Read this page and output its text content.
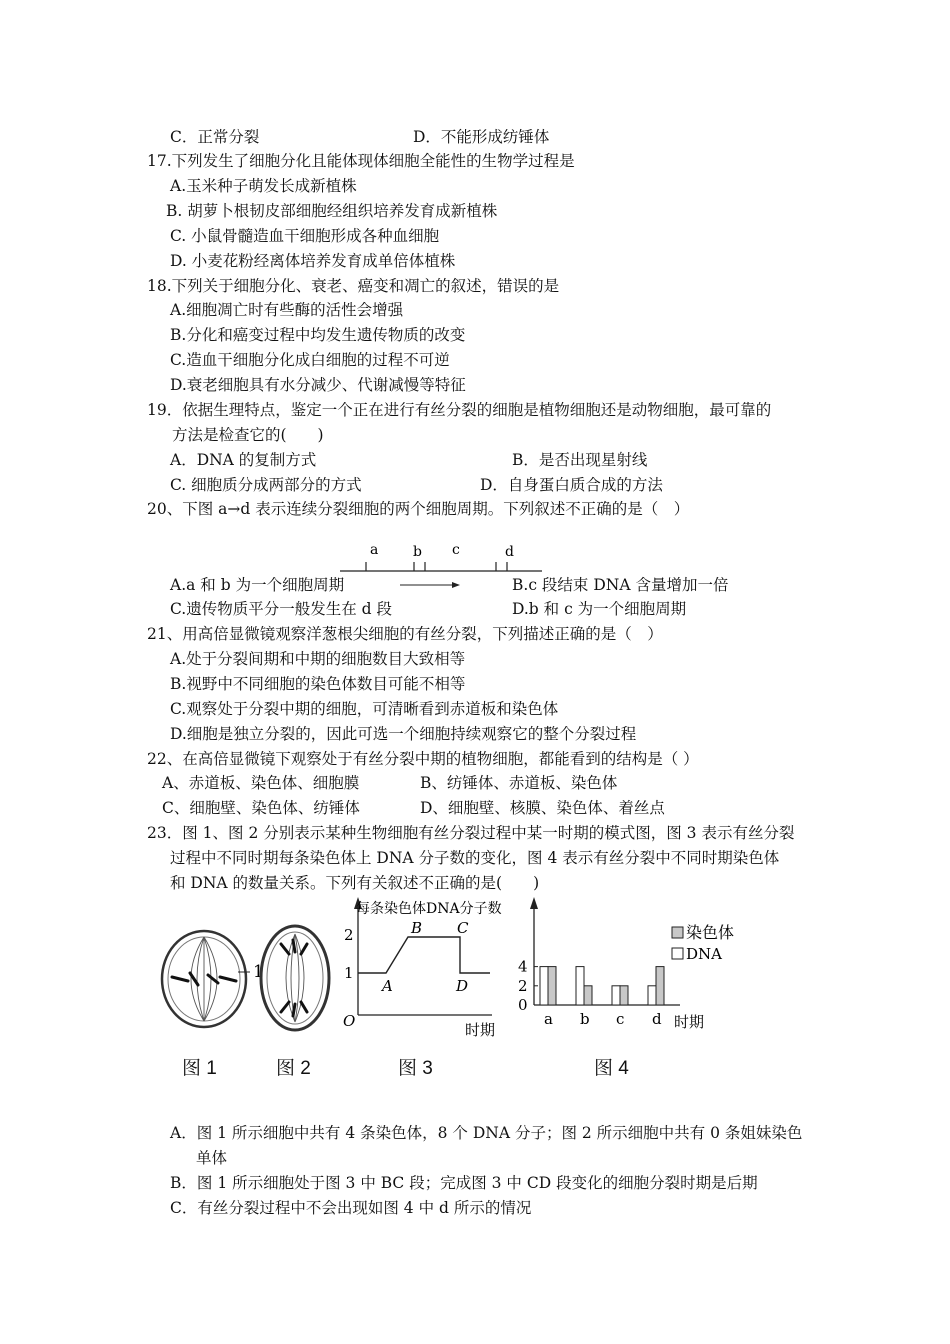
C．正常分裂	D．不能形成纺锤体
17.下列发生了细胞分化且能体现体细胞全能性的生物学过程是
A.玉米种子萌发长成新植株
B. 胡萝卜根韧皮部细胞经组织培养发育成新植株
C. 小鼠骨髓造血干细胞形成各种血细胞
D. 小麦花粉经离体培养发育成单倍体植株
18.下列关于细胞分化、衰老、癌变和凋亡的叙述，错误的是
A.细胞凋亡时有些酶的活性会增强
B.分化和癌变过程中均发生遗传物质的改变
C.造血干细胞分化成白细胞的过程不可逆
D.衰老细胞具有水分减少、代谢减慢等特征
19．依据生理特点，鉴定一个正在进行有丝分裂的细胞是植物细胞还是动物细胞，最可靠的
方法是检查它的(　　)
A．DNA 的复制方式	B．是否出现星射线
C. 细胞质分成两部分的方式	D．自身蛋白质合成的方法
20、下图 a→d 表示连续分裂细胞的两个细胞周期。下列叙述不正确的是（　）
a b c	d
A.a 和 b 为一个细胞周期	B.c 段结束 DNA 含量增加一倍
C.遗传物质平分一般发生在 d 段	D.b 和 c 为一个细胞周期
21、用高倍显微镜观察洋葱根尖细胞的有丝分裂，下列描述正确的是（　）
A.处于分裂间期和中期的细胞数目大致相等
B.视野中不同细胞的染色体数目可能不相等
C.观察处于分裂中期的细胞，可清晰看到赤道板和染色体
D.细胞是独立分裂的，因此可选一个细胞持续观察它的整个分裂过程
22、在高倍显微镜下观察处于有丝分裂中期的植物细胞，都能看到的结构是（ ）
A、赤道板、染色体、细胞膜	B、纺锤体、赤道板、染色体
C、细胞壁、染色体、纺锤体	D、细胞壁、核膜、染色体、着丝点
23．图 1、图 2 分别表示某种生物细胞有丝分裂过程中某一时期的模式图，图 3 表示有丝分裂
过程中不同时期每条染色体上 DNA 分子数的变化，图 4 表示有丝分裂中不同时期染色体
和 DNA 的数量关系。下列有关叙述不正确的是(　　)
1
图 1	图 2
每条染色体DNA分子数
2
1
O
A
B C
D
时期
图 3
0
2
4
a b c d 时期
染色体
DNA
图 4
A．图 1 所示细胞中共有 4 条染色体，8 个 DNA 分子；图 2 所示细胞中共有 0 条姐妹染色
单体
B．图 1 所示细胞处于图 3 中 BC 段；完成图 3 中 CD 段变化的细胞分裂时期是后期
C．有丝分裂过程中不会出现如图 4 中 d 所示的情况
